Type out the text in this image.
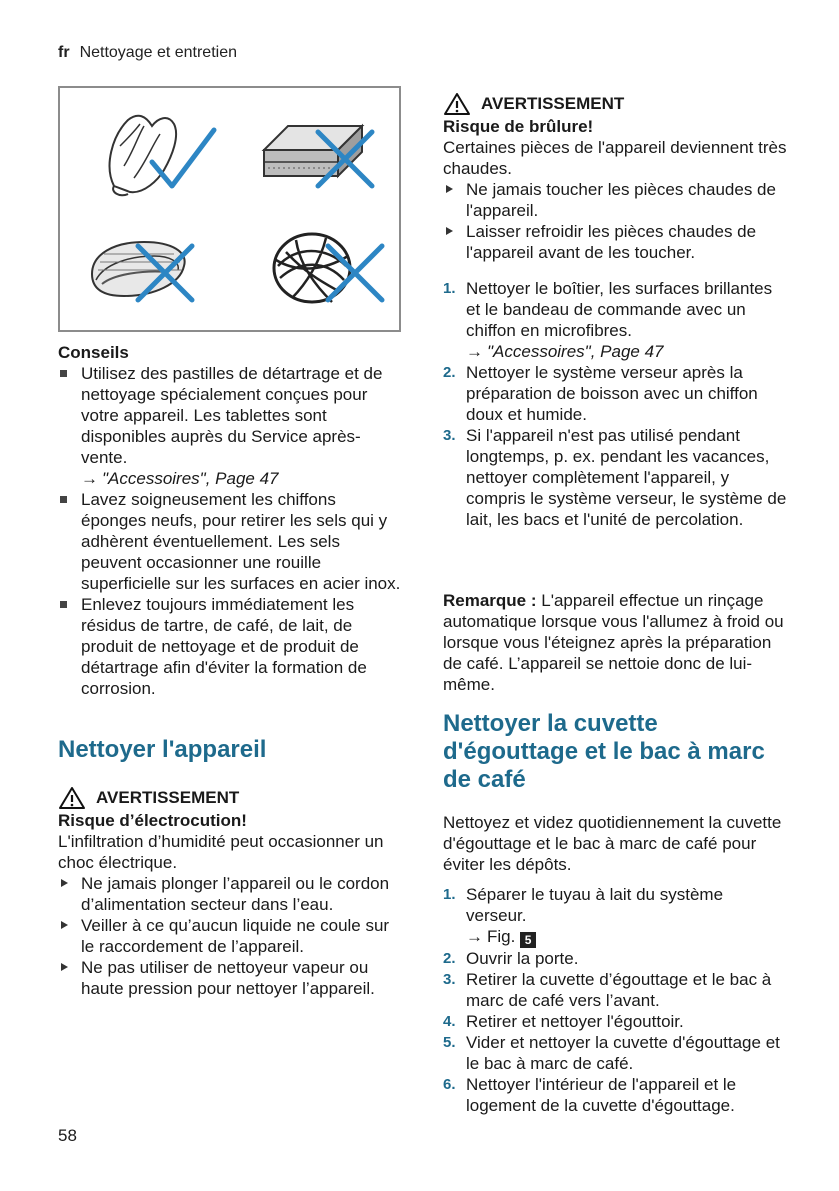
fr Nettoyage et entretien
Conseils
Utilisez des pastilles de détartrage et de nettoyage spécialement conçues pour votre appareil. Les tablettes sont disponibles auprès du Service après-vente.
→ "Accessoires", Page 47
Lavez soigneusement les chiffons éponges neufs, pour retirer les sels qui y adhèrent éventuellement. Les sels peuvent occasionner une rouille superficielle sur les surfaces en acier inox.
Enlevez toujours immédiatement les résidus de tartre, de café, de lait, de produit de nettoyage et de produit de détartrage afin d'éviter la formation de corrosion.
Nettoyer l'appareil
AVERTISSEMENT
Risque d’électrocution!
L'infiltration d’humidité peut occasionner un choc électrique.
Ne jamais plonger l’appareil ou le cordon d’alimentation secteur dans l’eau.
Veiller à ce qu’aucun liquide ne coule sur le raccordement de l’appareil.
Ne pas utiliser de nettoyeur vapeur ou haute pression pour nettoyer l’appareil.
AVERTISSEMENT
Risque de brûlure!
Certaines pièces de l'appareil deviennent très chaudes.
Ne jamais toucher les pièces chaudes de l'appareil.
Laisser refroidir les pièces chaudes de l'appareil avant de les toucher.
1. Nettoyer le boîtier, les surfaces brillantes et le bandeau de commande avec un chiffon en microfibres.
→ "Accessoires", Page 47
2. Nettoyer le système verseur après la préparation de boisson avec un chiffon doux et humide.
3. Si l'appareil n'est pas utilisé pendant longtemps, p. ex. pendant les vacances, nettoyer complètement l'appareil, y compris le système verseur, le système de lait, les bacs et l'unité de percolation.
Remarque : L'appareil effectue un rinçage automatique lorsque vous l'allumez à froid ou lorsque vous l'éteignez après la préparation de café. L’appareil se nettoie donc de lui-même.
Nettoyer la cuvette d'égouttage et le bac à marc de café
Nettoyez et videz quotidiennement la cuvette d'égouttage et le bac à marc de café pour éviter les dépôts.
1. Séparer le tuyau à lait du système verseur.
→ Fig. 5
2. Ouvrir la porte.
3. Retirer la cuvette d’égouttage et le bac à marc de café vers l’avant.
4. Retirer et nettoyer l'égouttoir.
5. Vider et nettoyer la cuvette d'égouttage et le bac à marc de café.
6. Nettoyer l'intérieur de l'appareil et le logement de la cuvette d'égouttage.
58
